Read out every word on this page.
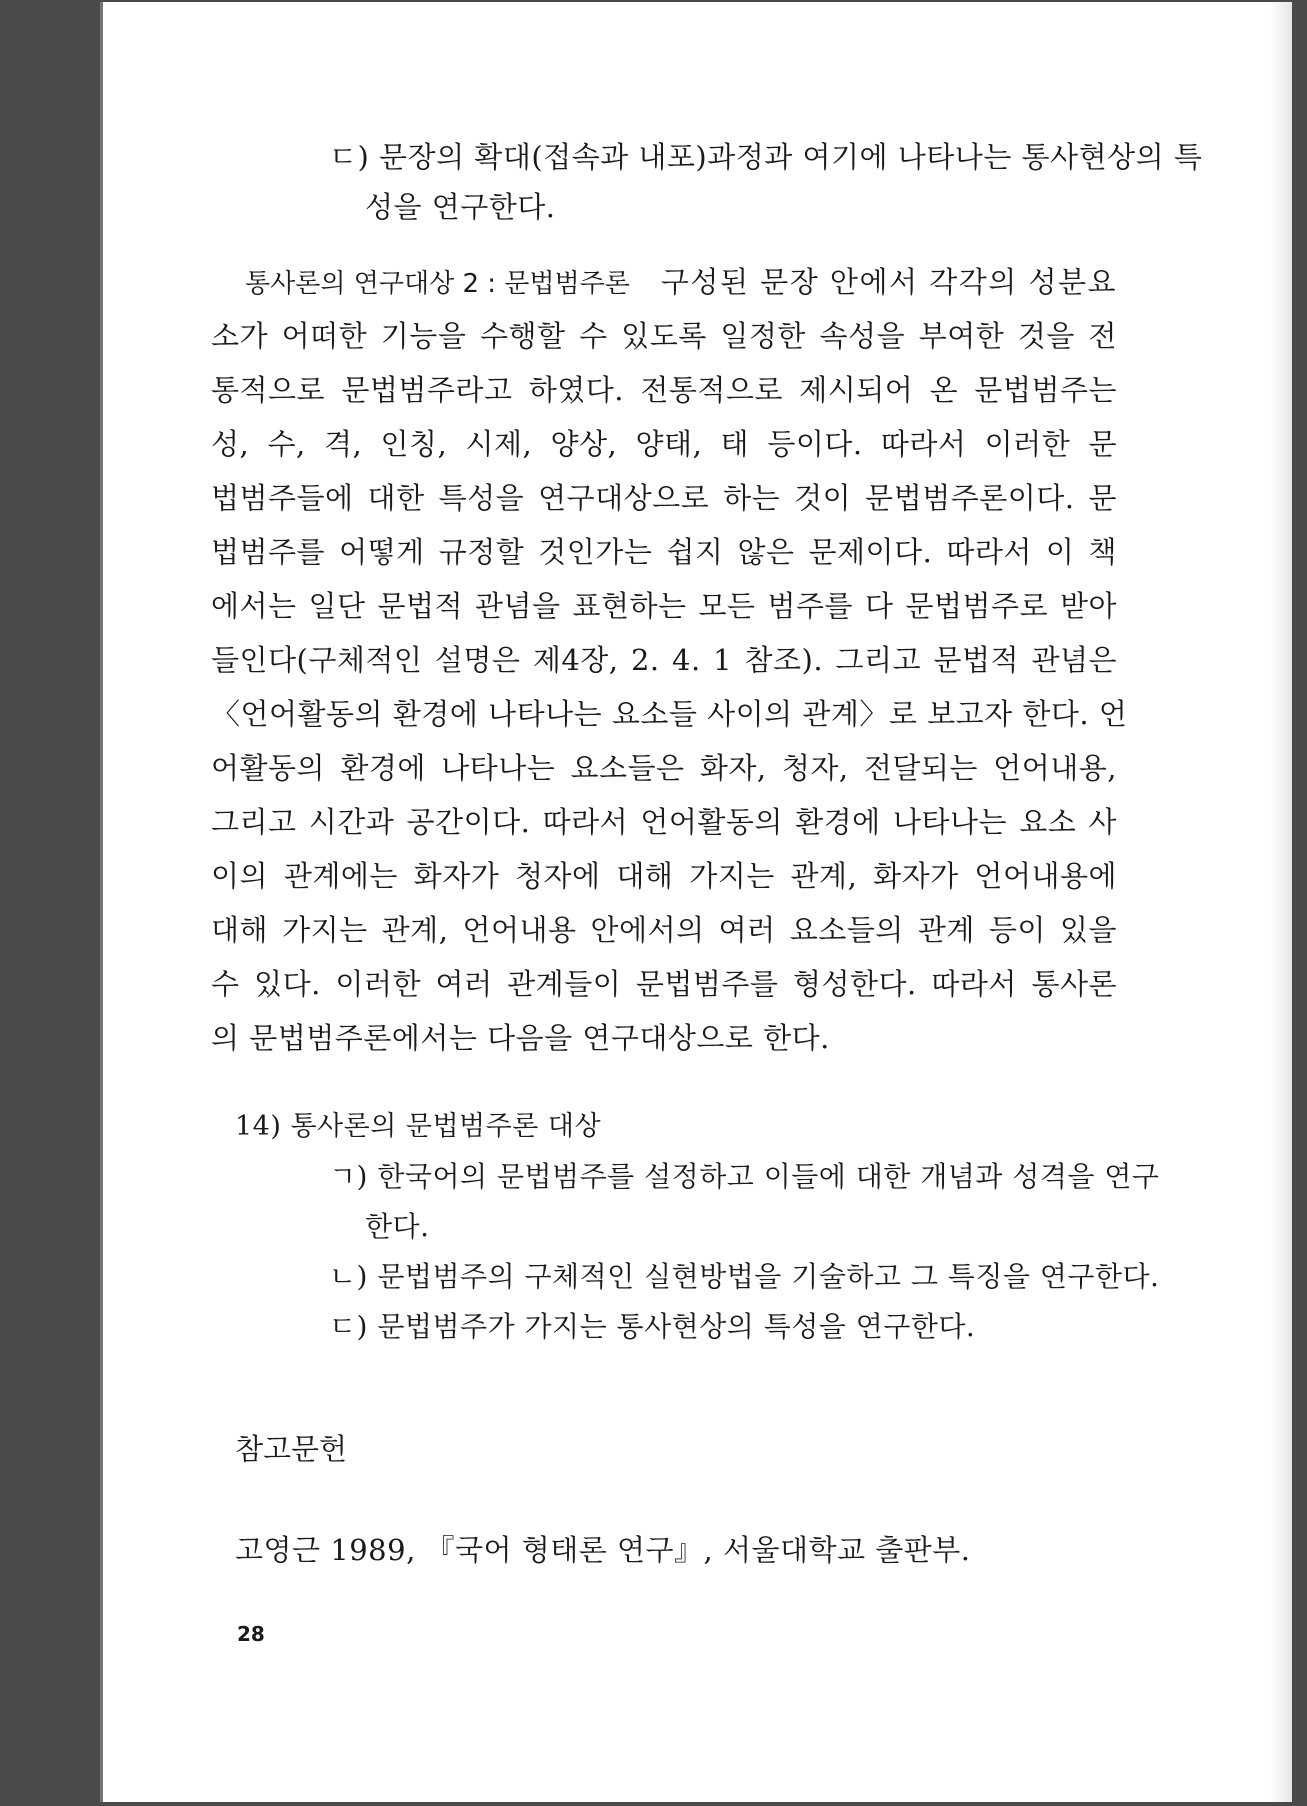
ㄷ) 문장의 확대(접속과 내포)과정과 여기에 나타나는 통사현상의 특
성을 연구한다.
통사론의 연구대상 2 : 문법범주론 구성된 문장 안에서 각각의 성분요
소가 어떠한 기능을 수행할 수 있도록 일정한 속성을 부여한 것을 전
통적으로 문법범주라고 하였다. 전통적으로 제시되어 온 문법범주는
성, 수, 격, 인칭, 시제, 양상, 양태, 태 등이다. 따라서 이러한 문
법범주들에 대한 특성을 연구대상으로 하는 것이 문법범주론이다. 문
법범주를 어떻게 규정할 것인가는 쉽지 않은 문제이다. 따라서 이 책
에서는 일단 문법적 관념을 표현하는 모든 범주를 다 문법범주로 받아
들인다(구체적인 설명은 제4장, 2. 4. 1 참조). 그리고 문법적 관념은
〈언어활동의 환경에 나타나는 요소들 사이의 관계〉로 보고자 한다. 언
어활동의 환경에 나타나는 요소들은 화자, 청자, 전달되는 언어내용,
그리고 시간과 공간이다. 따라서 언어활동의 환경에 나타나는 요소 사
이의 관계에는 화자가 청자에 대해 가지는 관계, 화자가 언어내용에
대해 가지는 관계, 언어내용 안에서의 여러 요소들의 관계 등이 있을
수 있다. 이러한 여러 관계들이 문법범주를 형성한다. 따라서 통사론
의 문법범주론에서는 다음을 연구대상으로 한다.
14) 통사론의 문법범주론 대상
ㄱ) 한국어의 문법범주를 설정하고 이들에 대한 개념과 성격을 연구
한다.
ㄴ) 문법범주의 구체적인 실현방법을 기술하고 그 특징을 연구한다.
ㄷ) 문법범주가 가지는 통사현상의 특성을 연구한다.
참고문헌
고영근 1989, 『국어 형태론 연구』, 서울대학교 출판부.
28
